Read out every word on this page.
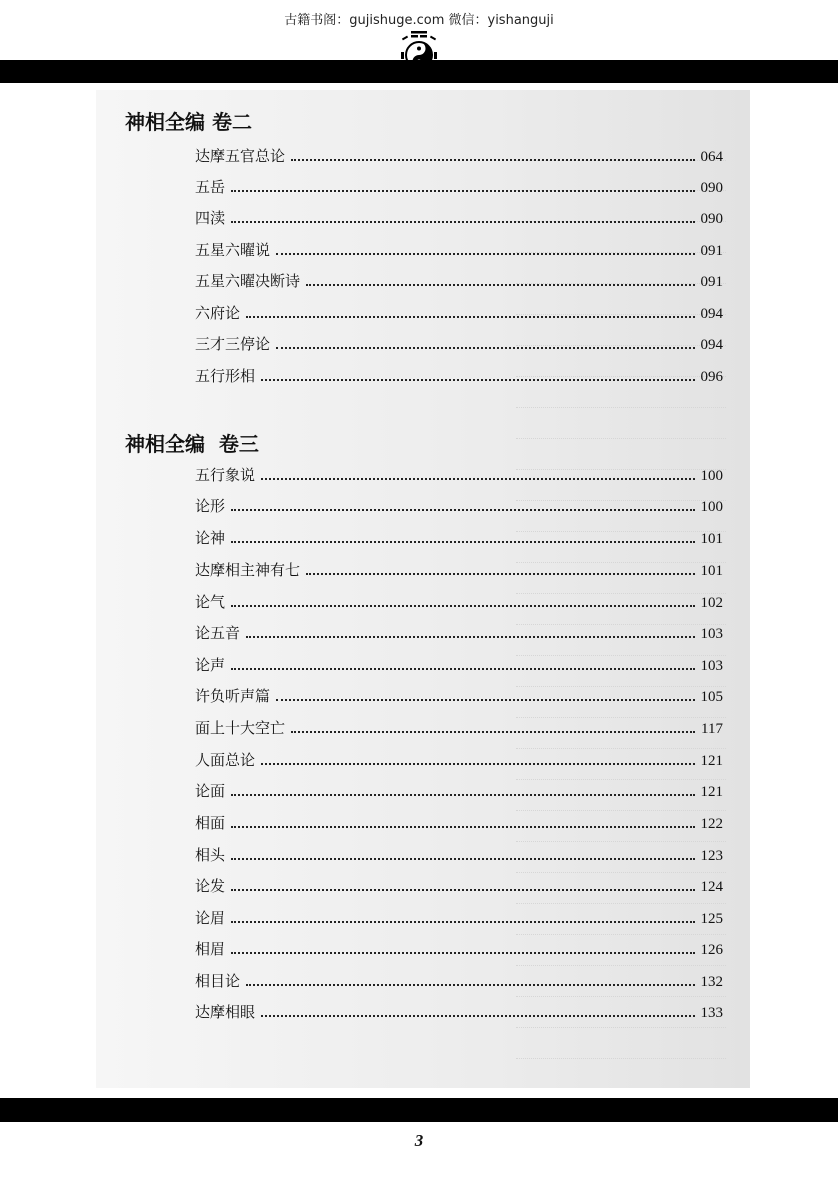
古籍书阁：gujishuge.com 微信：yishanguji
神相全编 卷二
达摩五官总论	064
五岳	090
四渎	090
五星六曜说	091
五星六曜决断诗	091
六府论	094
三才三停论	094
五行形相	096
神相全编  卷三
五行象说	100
论形	100
论神	101
达摩相主神有七	101
论气	102
论五音	103
论声	103
许负听声篇	105
面上十大空亡	117
人面总论	121
论面	121
相面	122
相头	123
论发	124
论眉	125
相眉	126
相目论	132
达摩相眼	133
3
